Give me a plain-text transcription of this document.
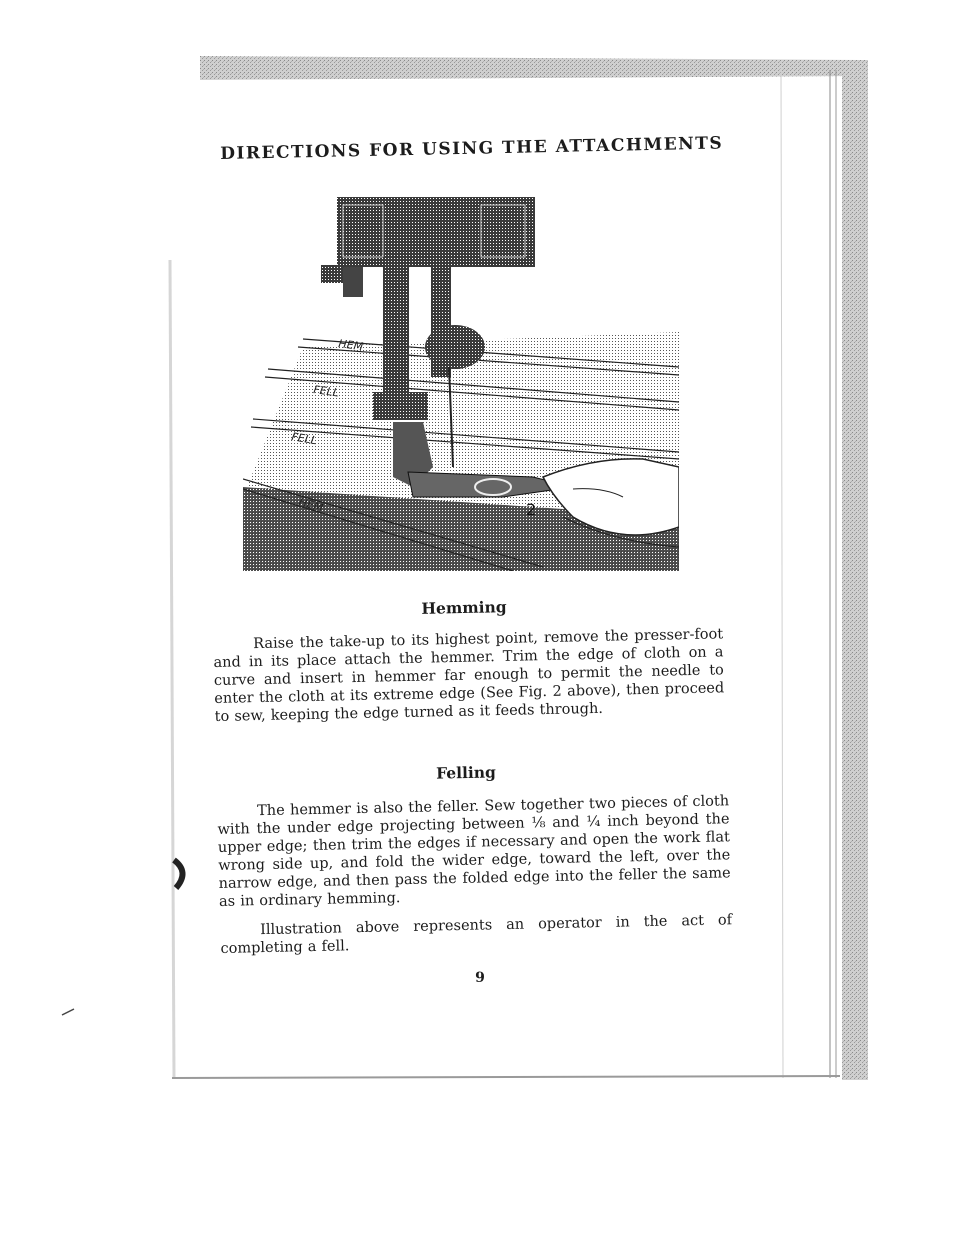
DIRECTIONS FOR USING THE ATTACHMENTS
HEM
FELL
FELL
HEM	2
Hemming
Raise the take-up to its highest point, remove the presser-foot and in its place attach the hemmer. Trim the edge of cloth on a curve and insert in hemmer far enough to permit the needle to enter the cloth at its extreme edge (See Fig. 2 above), then proceed to sew, keeping the edge turned as it feeds through.
Felling
The hemmer is also the feller. Sew together two pieces of cloth with the under edge projecting between ⅛ and ¼ inch beyond the upper edge; then trim the edges if necessary and open the work flat wrong side up, and fold the wider edge, toward the left, over the narrow edge, and then pass the folded edge into the feller the same as in ordinary hemming.
Illustration above represents an operator in the act of completing a fell.
9
